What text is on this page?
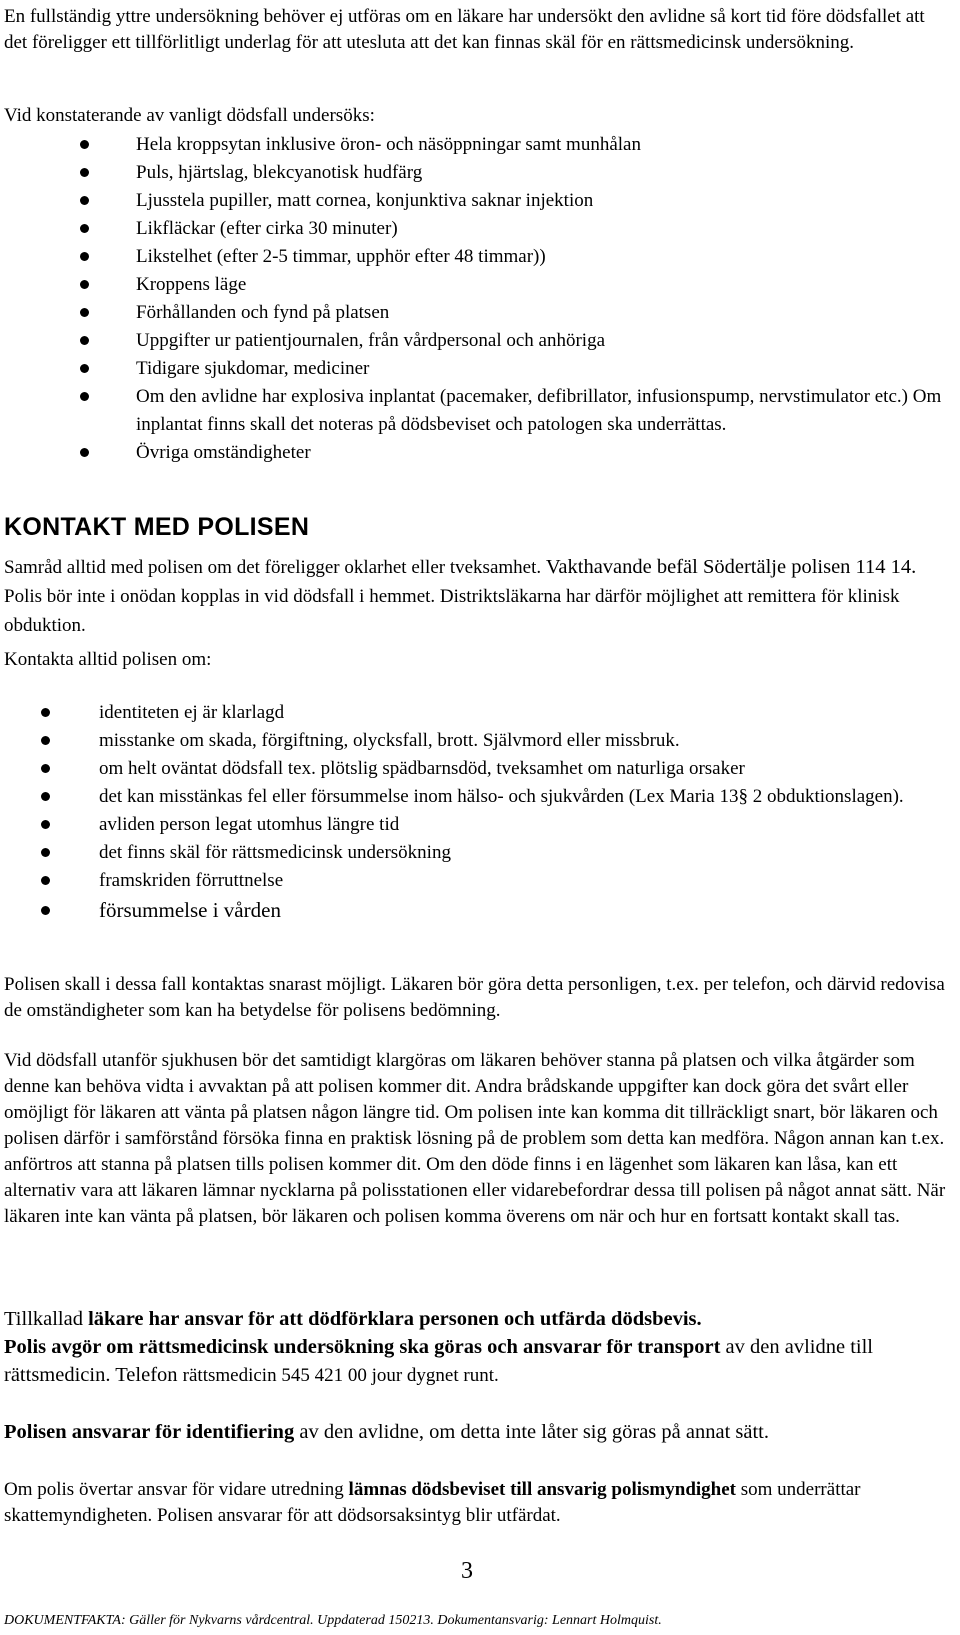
En fullständig yttre undersökning behöver ej utföras om en läkare har undersökt den avlidne så kort tid före dödsfallet att det föreligger ett tillförlitligt underlag för att utesluta att det kan finnas skäl för en rättsmedicinsk undersökning.

Vid konstaterande av vanligt dödsfall undersöks:

Hela kroppsytan inklusive öron- och näsöppningar samt munhålan
Puls, hjärtslag, blekcyanotisk hudfärg
Ljusstela pupiller, matt cornea, konjunktiva saknar injektion
Likfläckar (efter cirka 30 minuter)
Likstelhet (efter 2-5 timmar, upphör efter 48 timmar))
Kroppens läge
Förhållanden och fynd på platsen
Uppgifter ur patientjournalen, från vårdpersonal och anhöriga
Tidigare sjukdomar, mediciner
Om den avlidne har explosiva inplantat (pacemaker, defibrillator, infusionspump, nervstimulator etc.) Om inplantat finns skall det noteras på dödsbeviset och patologen ska underrättas.
Övriga omständigheter
KONTAKT MED POLISEN

Samråd alltid med polisen om det föreligger oklarhet eller tveksamhet. Vakthavande befäl Södertälje polisen 114 14. Polis bör inte i onödan kopplas in vid dödsfall i hemmet. Distriktsläkarna har därför möjlighet att remittera för klinisk obduktion.

Kontakta alltid polisen om:

identiteten ej är klarlagd
misstanke om skada, förgiftning, olycksfall, brott. Självmord eller missbruk.
om helt oväntat dödsfall tex. plötslig spädbarnsdöd, tveksamhet om naturliga orsaker
det kan misstänkas fel eller försummelse inom hälso- och sjukvården (Lex Maria 13§ 2 obduktionslagen).
avliden person legat utomhus längre tid
det finns skäl för rättsmedicinsk undersökning
framskriden förruttnelse
försummelse i vården

Polisen skall i dessa fall kontaktas snarast möjligt. Läkaren bör göra detta personligen, t.ex. per telefon, och därvid redovisa de omständigheter som kan ha betydelse för polisens bedömning.

Vid dödsfall utanför sjukhusen bör det samtidigt klargöras om läkaren behöver stanna på platsen och vilka åtgärder som denne kan behöva vidta i avvaktan på att polisen kommer dit. Andra brådskande uppgifter kan dock göra det svårt eller omöjligt för läkaren att vänta på platsen någon längre tid. Om polisen inte kan komma dit tillräckligt snart, bör läkaren och polisen därför i samförstånd försöka finna en praktisk lösning på de problem som detta kan medföra. Någon annan kan t.ex. anförtros att stanna på platsen tills polisen kommer dit. Om den döde finns i en lägenhet som läkaren kan låsa, kan ett alternativ vara att läkaren lämnar nycklarna på polisstationen eller vidarebefordrar dessa till polisen på något annat sätt. När läkaren inte kan vänta på platsen, bör läkaren och polisen komma överens om när och hur en fortsatt kontakt skall tas.

Tillkallad läkare har ansvar för att dödförklara personen och utfärda dödsbevis.
Polis avgör om rättsmedicinsk undersökning ska göras och ansvarar för transport av den avlidne till rättsmedicin. Telefon rättsmedicin 545 421 00 jour dygnet runt.

Polisen ansvarar för identifiering av den avlidne, om detta inte låter sig göras på annat sätt.

Om polis övertar ansvar för vidare utredning lämnas dödsbeviset till ansvarig polismyndighet som underrättar skattemyndigheten. Polisen ansvarar för att dödsorsaksintyg blir utfärdat.

3
DOKUMENTFAKTA: Gäller för Nykvarns vårdcentral. Uppdaterad 150213. Dokumentansvarig: Lennart Holmquist.
